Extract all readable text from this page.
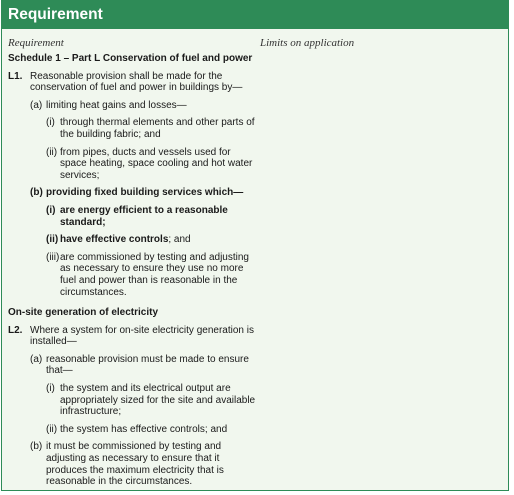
Requirement
Requirement	Limits on application
Schedule 1 – Part L Conservation of fuel and power
L1. Reasonable provision shall be made for the conservation of fuel and power in buildings by—
(a) limiting heat gains and losses—
(i) through thermal elements and other parts of the building fabric; and
(ii) from pipes, ducts and vessels used for space heating, space cooling and hot water services;
(b) providing fixed building services which—
(i) are energy efficient to a reasonable standard;
(ii) have effective controls; and
(iii) are commissioned by testing and adjusting as necessary to ensure they use no more fuel and power than is reasonable in the circumstances.
On-site generation of electricity
L2. Where a system for on-site electricity generation is installed—
(a) reasonable provision must be made to ensure that—
(i) the system and its electrical output are appropriately sized for the site and available infrastructure;
(ii) the system has effective controls; and
(b) it must be commissioned by testing and adjusting as necessary to ensure that it produces the maximum electricity that is reasonable in the circumstances.
